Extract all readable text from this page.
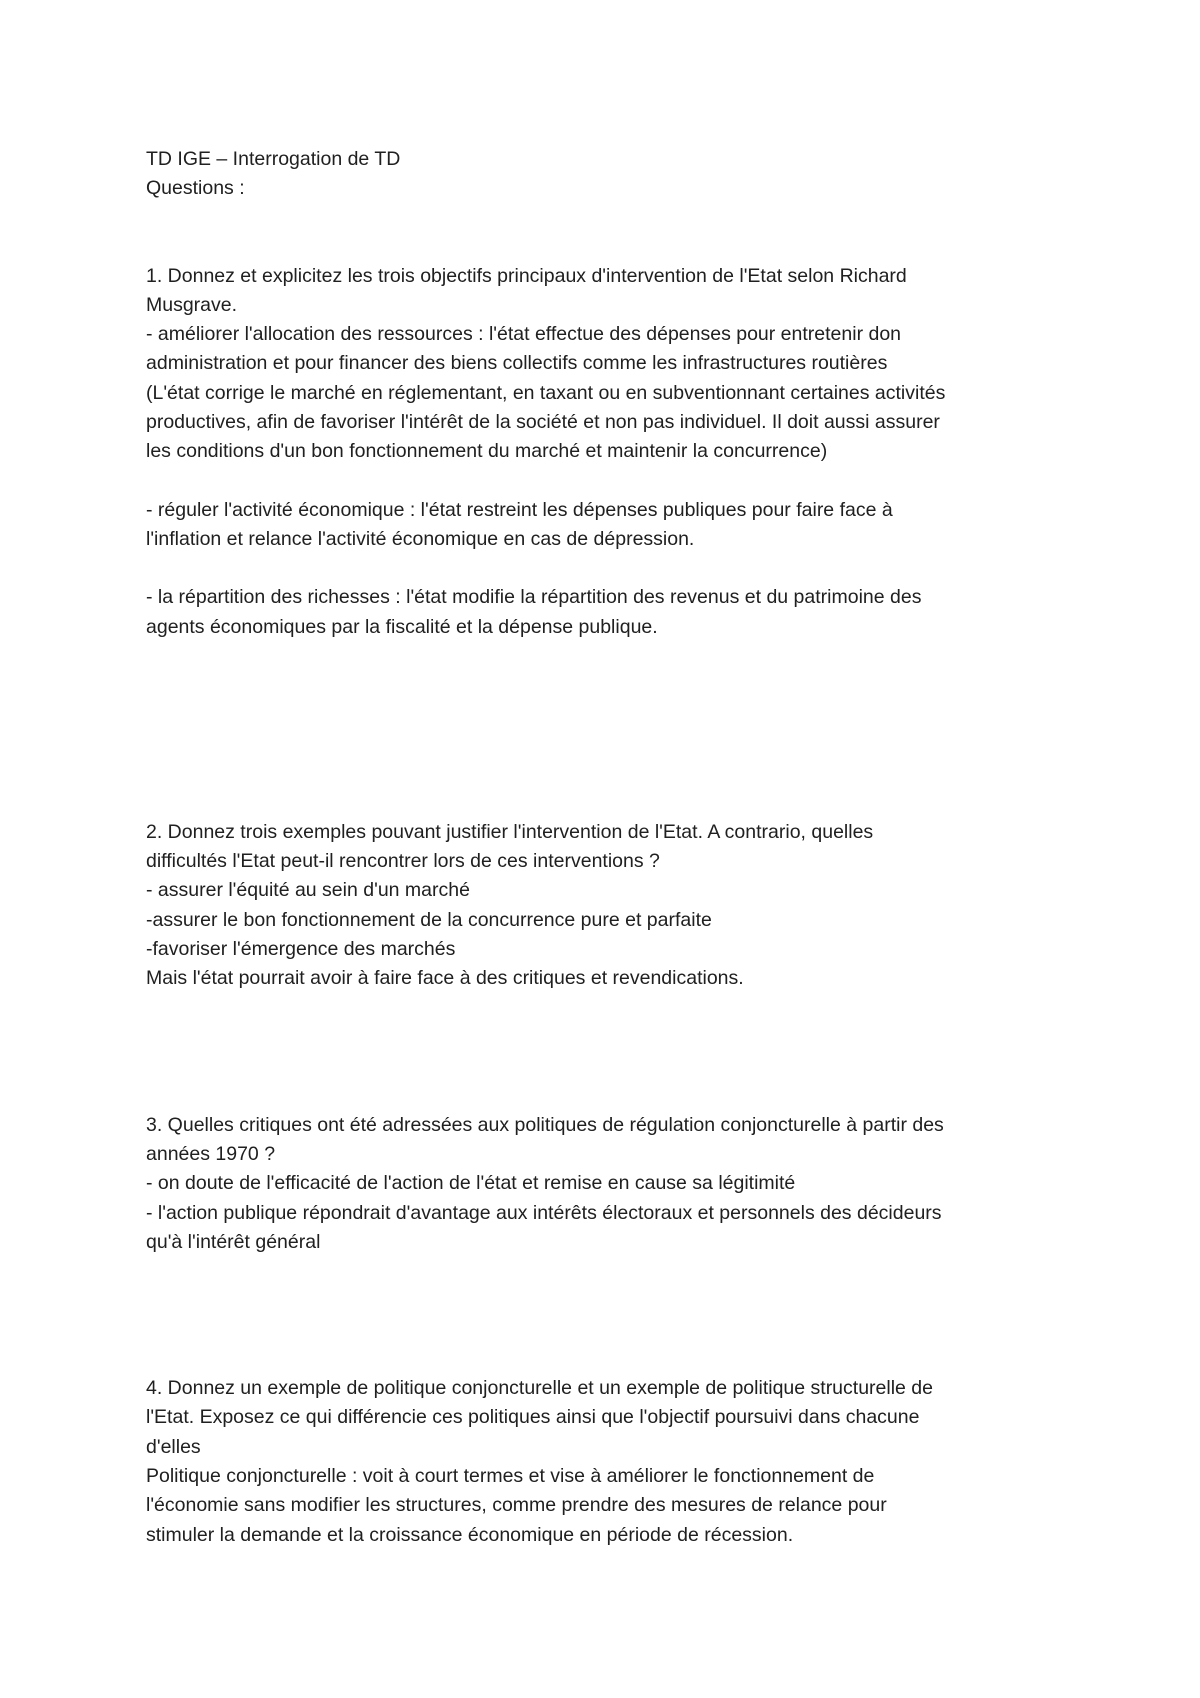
TD IGE – Interrogation de TD
Questions :
1. Donnez et explicitez les trois objectifs principaux d'intervention de l'Etat selon Richard
Musgrave.
- améliorer l'allocation des ressources : l'état effectue des dépenses pour entretenir don
administration et pour financer des biens collectifs comme les infrastructures routières
(L'état corrige le marché en réglementant, en taxant ou en subventionnant certaines activités
productives, afin de favoriser l'intérêt de la société et non pas individuel. Il doit aussi assurer
les conditions d'un bon fonctionnement du marché et maintenir la concurrence)
- réguler l'activité économique : l'état restreint les dépenses publiques pour faire face à
l'inflation et relance l'activité économique en cas de dépression.
- la répartition des richesses : l'état modifie la répartition des revenus et du patrimoine des
agents économiques par la fiscalité et la dépense publique.
2. Donnez trois exemples pouvant justifier l'intervention de l'Etat. A contrario, quelles
difficultés l'Etat peut-il rencontrer lors de ces interventions ?
- assurer l'équité au sein d'un marché
-assurer le bon fonctionnement de la concurrence pure et parfaite
-favoriser l'émergence des marchés
Mais l'état pourrait avoir à faire face à des critiques et revendications.
3. Quelles critiques ont été adressées aux politiques de régulation conjoncturelle à partir des
années 1970 ?
- on doute de l'efficacité de l'action de l'état et remise en cause sa légitimité
- l'action publique répondrait d'avantage aux intérêts électoraux et personnels des décideurs
qu'à l'intérêt général
4. Donnez un exemple de politique conjoncturelle et un exemple de politique structurelle de
l'Etat. Exposez ce qui différencie ces politiques ainsi que l'objectif poursuivi dans chacune
d'elles
Politique conjoncturelle : voit à court termes et vise à améliorer le fonctionnement de
l'économie sans modifier les structures, comme prendre des mesures de relance pour
stimuler la demande et la croissance économique en période de récession.
